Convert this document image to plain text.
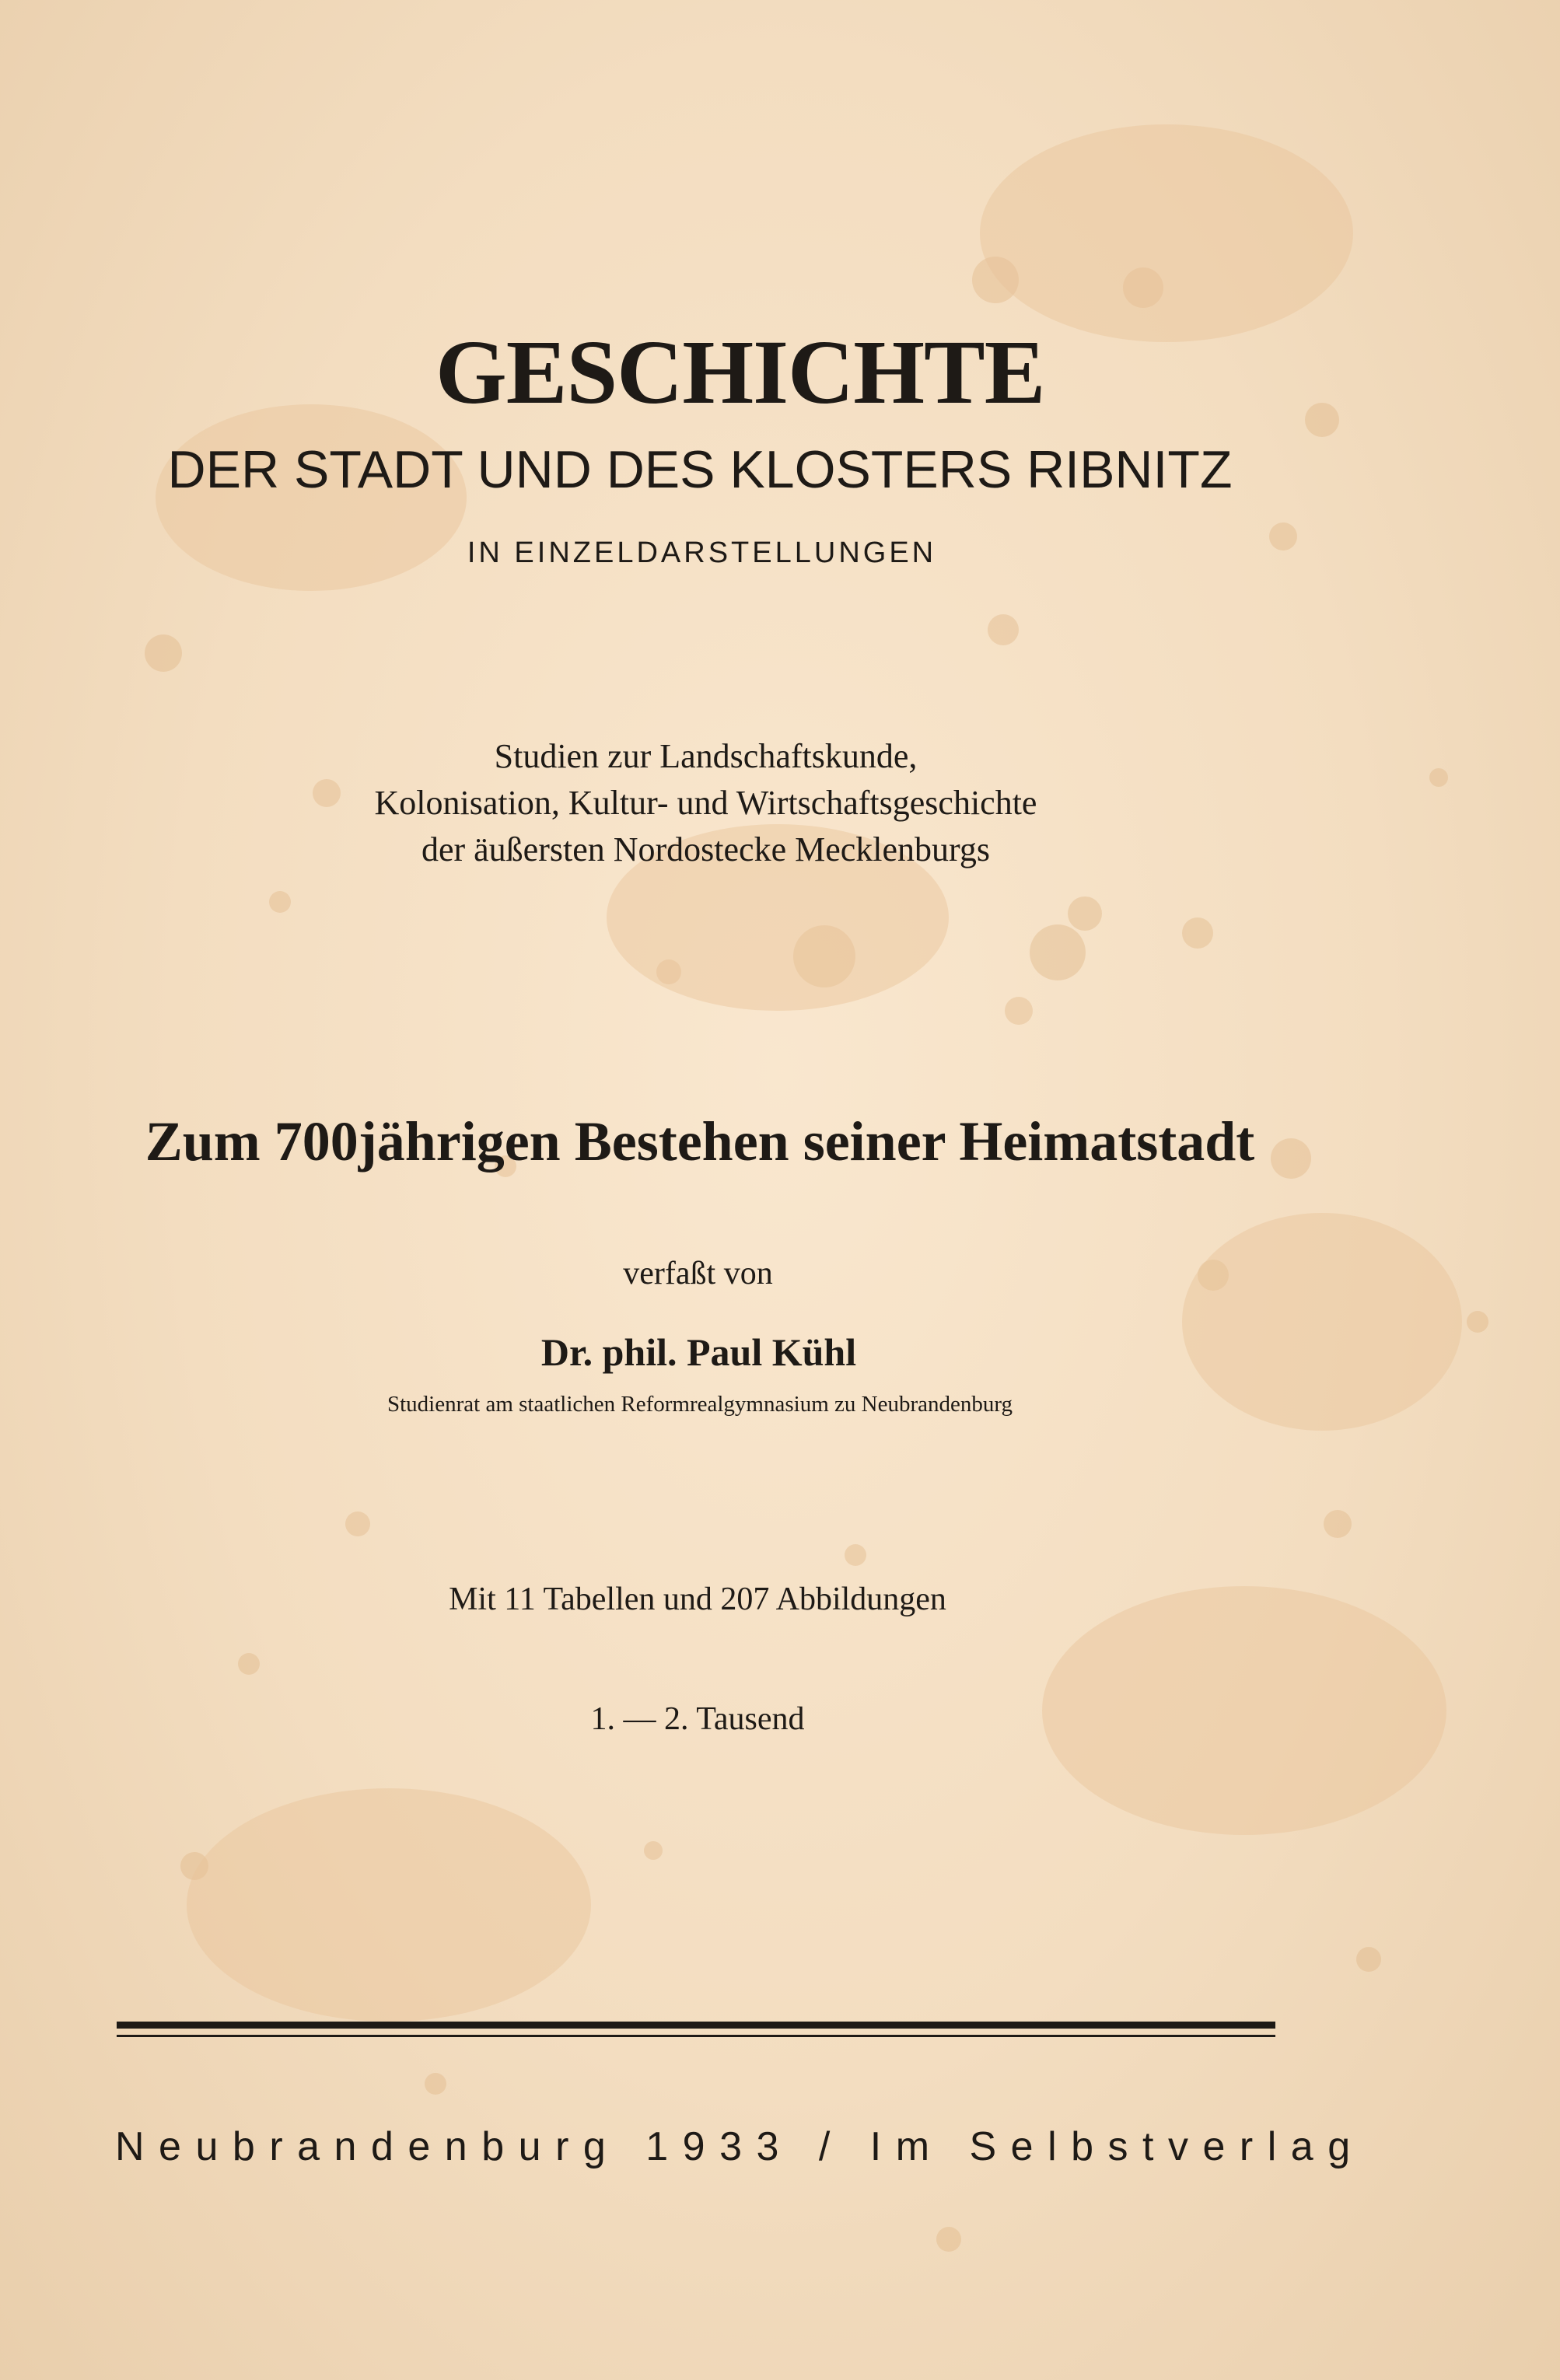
GESCHICHTE
DER STADT UND DES KLOSTERS RIBNITZ
IN EINZELDARSTELLUNGEN
Studien zur Landschaftskunde,
Kolonisation, Kultur- und Wirtschaftsgeschichte
der äußersten Nordostecke Mecklenburgs
Zum 700jährigen Bestehen seiner Heimatstadt
verfaßt von
Dr. phil. Paul Kühl
Studienrat am staatlichen Reformrealgymnasium zu Neubrandenburg
Mit 11 Tabellen und 207 Abbildungen
1. — 2. Tausend
Neubrandenburg 1933 / Im Selbstverlag
